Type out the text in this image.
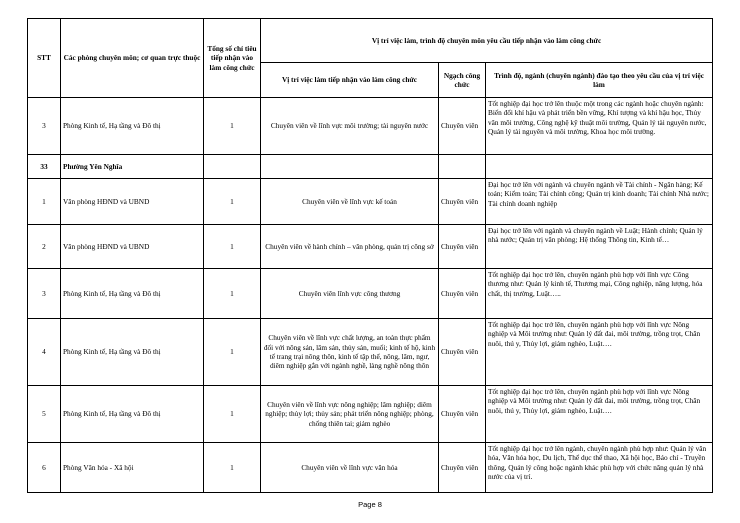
STT	Các phòng chuyên môn; cơ quan trực thuộc	Tổng số chỉ tiêu tiếp nhận vào làm công chức	Vị trí việc làm, trình độ chuyên môn yêu cầu tiếp nhận vào làm công chức		
			Vị trí việc làm tiếp nhận vào làm công chức	Ngạch công chức	Trình độ, ngành (chuyên ngành) đào tạo theo yêu cầu của vị trí việc làm
3	Phòng Kinh tế, Hạ tầng và Đô thị	1	Chuyên viên về lĩnh vực môi trường; tài nguyên nước	Chuyên viên	Tốt nghiệp đại học trở lên thuộc một trong các ngành hoặc chuyên ngành: Biến đổi khí hậu và phát triển bền vững, Khí tượng và khí hậu học, Thủy văn môi trường, Công nghệ kỹ thuật môi trường, Quản lý tài nguyên nước, Quản lý tài nguyên và môi trường, Khoa học môi trường.
33	Phường Yên Nghĩa				
1	Văn phòng HĐND và UBND	1	Chuyên viên về lĩnh vực kế toán	Chuyên viên	Đại học trở lên với ngành và chuyên ngành về Tài chính - Ngân hàng; Kế toán; Kiểm toán; Tài chính công; Quản trị kinh doanh; Tài chính Nhà nước; Tài chính doanh nghiệp
2	Văn phòng HĐND và UBND	1	Chuyên viên về hành chính – văn phòng, quản trị công sở	Chuyên viên	Đại học trở lên với ngành và chuyên ngành về Luật; Hành chính; Quản lý nhà nước; Quản trị văn phòng; Hệ thống Thông tin, Kinh tế…
3	Phòng Kinh tế, Hạ tầng và Đô thị	1	Chuyên viên lĩnh vực công thương	Chuyên viên	Tốt nghiệp đại học trở lên, chuyên ngành phù hợp với lĩnh vực Công thương như: Quản lý kinh tế, Thương mại, Công nghiệp, năng lượng, hóa chất, thị trường, Luật…..
4	Phòng Kinh tế, Hạ tầng và Đô thị	1	Chuyên viên về lĩnh vực chất lượng, an toàn thực phẩm đối với nông sản, lâm sản, thủy sản, muối; kinh tế hộ, kinh tế trang trại nông thôn, kinh tế tập thể, nông, lâm, ngư, diêm nghiệp gắn với ngành nghề, làng nghề nông thôn	Chuyên viên	Tốt nghiệp đại học trở lên, chuyên ngành phù hợp với lĩnh vực Nông nghiệp và Môi trường như: Quản lý đất đai, môi trường, trồng trọt, Chăn nuôi, thú y, Thủy lợi, giảm nghèo, Luật….
5	Phòng Kinh tế, Hạ tầng và Đô thị	1	Chuyên viên về lĩnh vực nông nghiệp; lâm nghiệp; diêm nghiệp; thủy lợi; thủy sản; phát triển nông nghiệp; phòng, chống thiên tai; giảm nghèo	Chuyên viên	Tốt nghiệp đại học trở lên, chuyên ngành phù hợp với lĩnh vực Nông nghiệp và Môi trường như: Quản lý đất đai, môi trường, trồng trọt, Chăn nuôi, thú y, Thủy lợi, giảm nghèo, Luật….
6	Phòng Văn hóa - Xã hội	1	Chuyên viên về lĩnh vực văn hóa	Chuyên viên	Tốt nghiệp đại học trở lên ngành, chuyên ngành phù hợp như: Quản lý văn hóa, Văn hóa học, Du lịch, Thể dục thể thao, Xã hội học, Báo chí - Truyền thông, Quản lý công hoặc ngành khác phù hợp với chức năng quản lý nhà nước của vị trí.
Page 8
